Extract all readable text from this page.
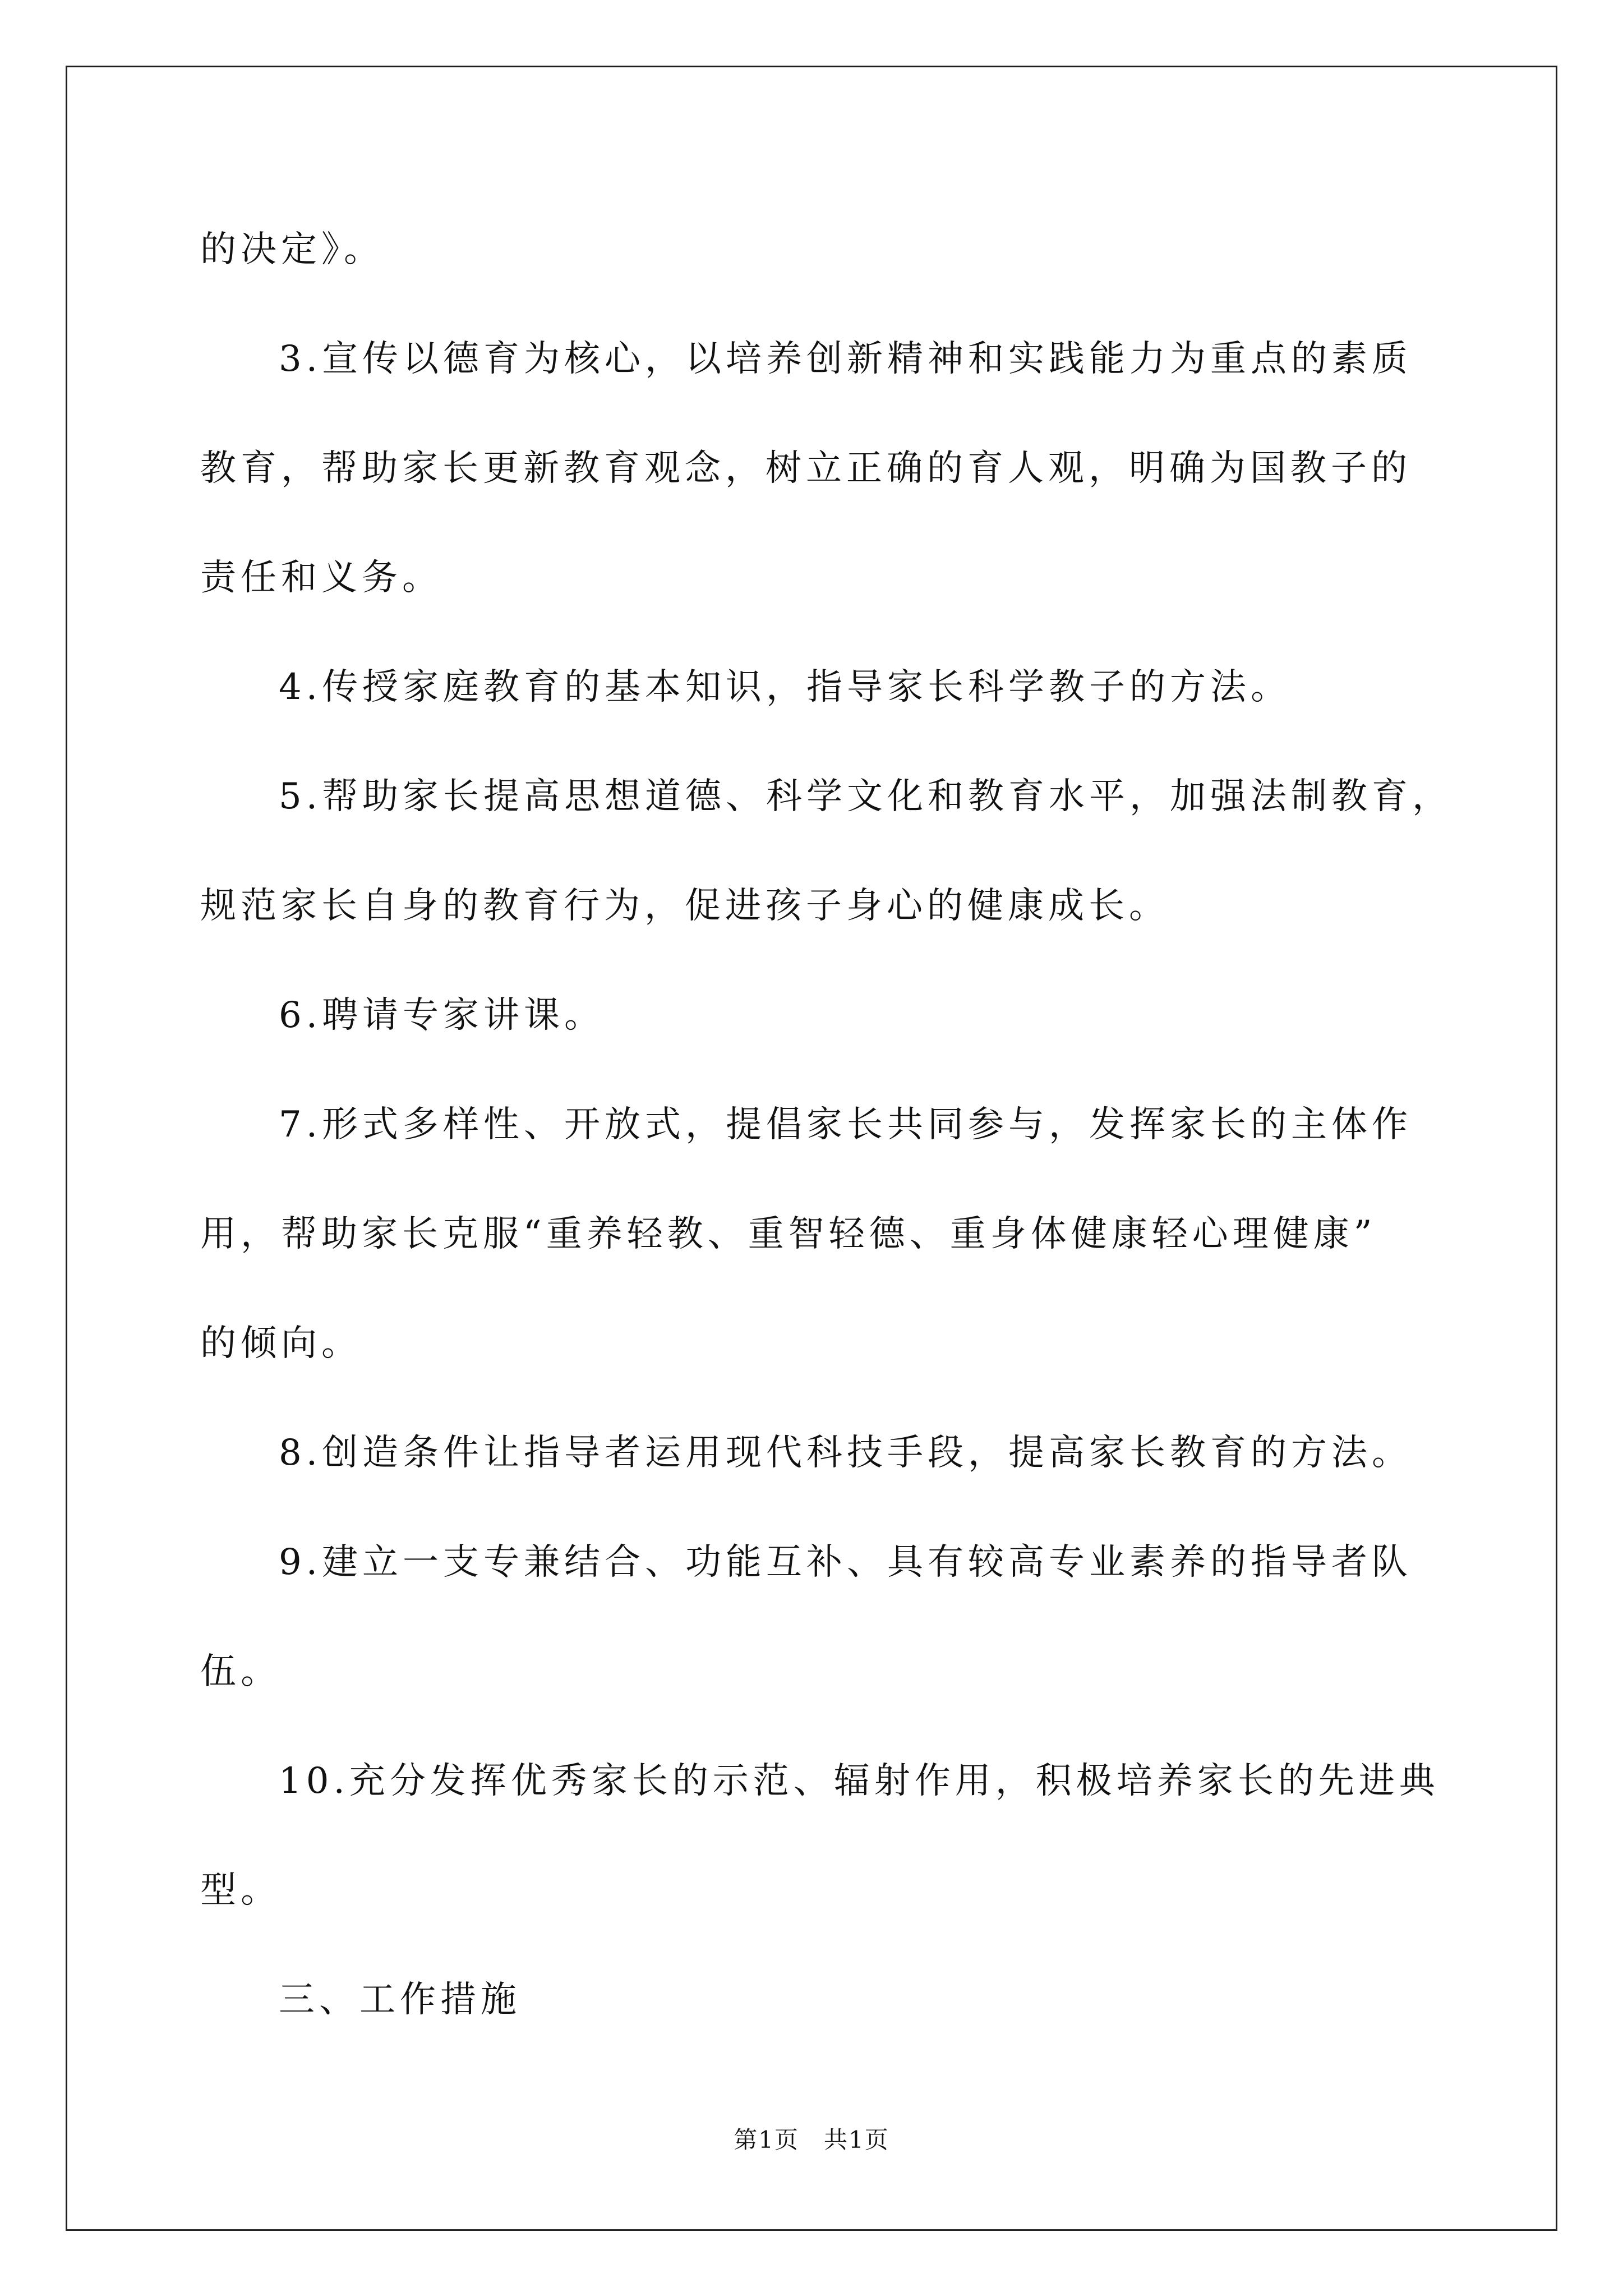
的决定》。
3.宣传以德育为核心，以培养创新精神和实践能力为重点的素质
教育，帮助家长更新教育观念，树立正确的育人观，明确为国教子的
责任和义务。
4.传授家庭教育的基本知识，指导家长科学教子的方法。
5.帮助家长提高思想道德、科学文化和教育水平，加强法制教育，
规范家长自身的教育行为，促进孩子身心的健康成长。
6.聘请专家讲课。
7.形式多样性、开放式，提倡家长共同参与，发挥家长的主体作
用，帮助家长克服“重养轻教、重智轻德、重身体健康轻心理健康”
的倾向。
8.创造条件让指导者运用现代科技手段，提高家长教育的方法。
9.建立一支专兼结合、功能互补、具有较高专业素养的指导者队
伍。
10.充分发挥优秀家长的示范、辐射作用，积极培养家长的先进典
型。
三、工作措施
第1页　共1页
